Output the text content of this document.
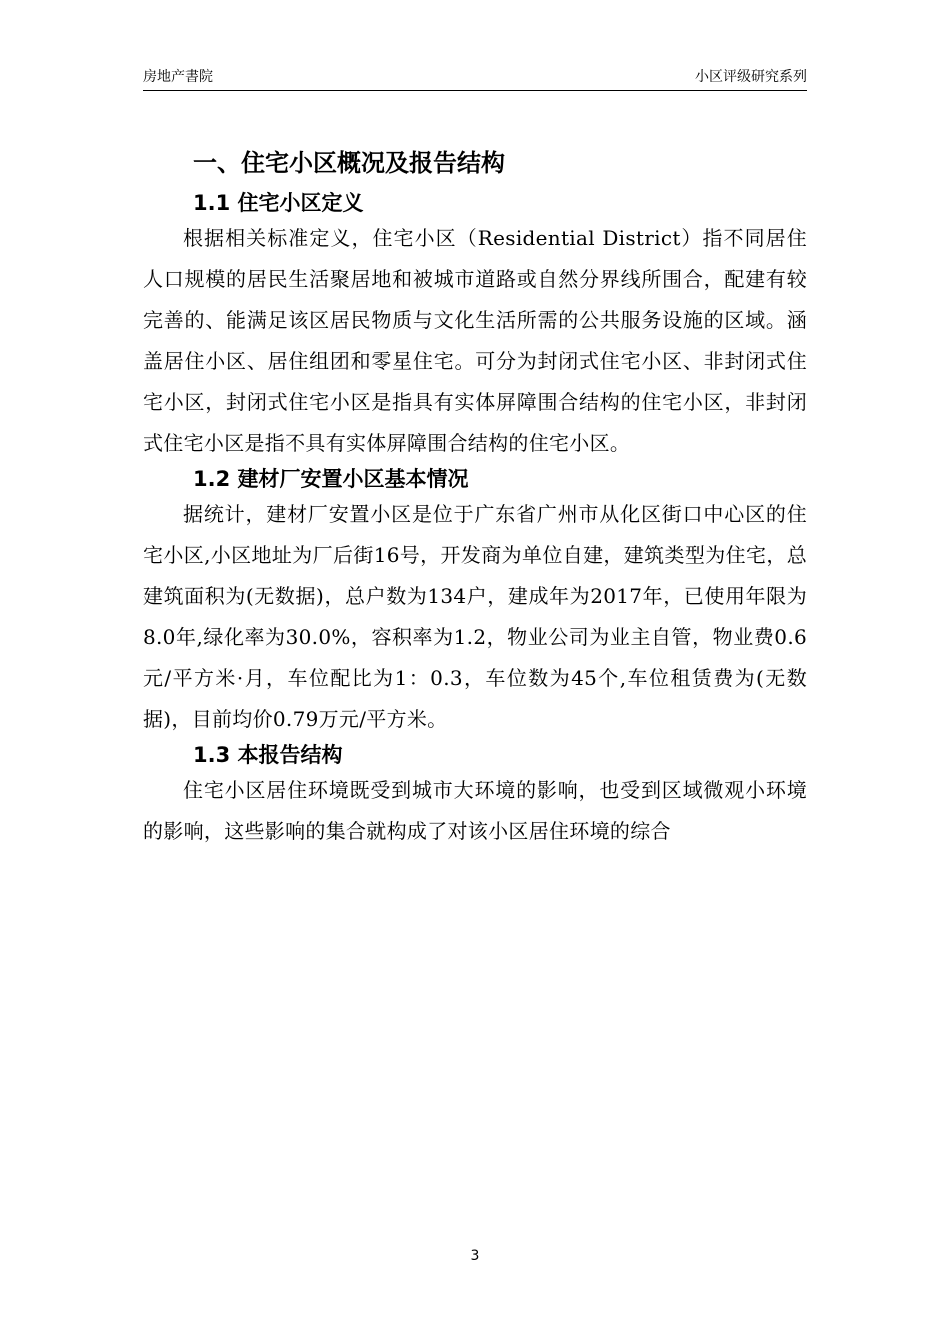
房地产書院	小区评级研究系列
一、住宅小区概况及报告结构
1.1 住宅小区定义

根据相关标准定义，住宅小区（Residential District）指不同居住人口规模的居民生活聚居地和被城市道路或自然分界线所围合，配建有较完善的、能满足该区居民物质与文化生活所需的公共服务设施的区域。涵盖居住小区、居住组团和零星住宅。可分为封闭式住宅小区、非封闭式住宅小区，封闭式住宅小区是指具有实体屏障围合结构的住宅小区，非封闭式住宅小区是指不具有实体屏障围合结构的住宅小区。

1.2 建材厂安置小区基本情况

据统计，建材厂安置小区是位于广东省广州市从化区街口中心区的住宅小区,小区地址为厂后街16号，开发商为单位自建，建筑类型为住宅，总建筑面积为(无数据)，总户数为134户，建成年为2017年，已使用年限为8.0年,绿化率为30.0%，容积率为1.2，物业公司为业主自管，物业费0.6元/平方米·月，车位配比为1：0.3，车位数为45个,车位租赁费为(无数据)，目前均价0.79万元/平方米。

1.3 本报告结构

住宅小区居住环境既受到城市大环境的影响，也受到区域微观小环境的影响，这些影响的集合就构成了对该小区居住环境的综合

3
